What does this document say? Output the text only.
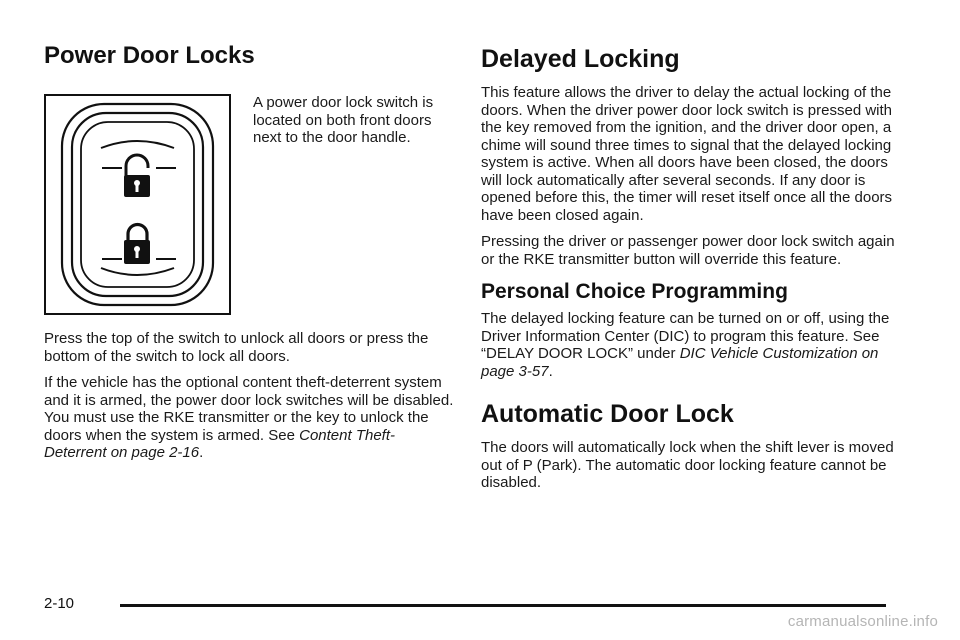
Power Door Locks

A power door lock switch is located on both front doors next to the door handle.

Press the top of the switch to unlock all doors or press the bottom of the switch to lock all doors.

If the vehicle has the optional content theft-deterrent system and it is armed, the power door lock switches will be disabled. You must use the RKE transmitter or the key to unlock the doors when the system is armed. See Content Theft-Deterrent on page 2-16.

Delayed Locking

This feature allows the driver to delay the actual locking of the doors. When the driver power door lock switch is pressed with the key removed from the ignition, and the driver door open, a chime will sound three times to signal that the delayed locking system is active. When all doors have been closed, the doors will lock automatically after several seconds. If any door is opened before this, the timer will reset itself once all the doors have been closed again.

Pressing the driver or passenger power door lock switch again or the RKE transmitter button will override this feature.

Personal Choice Programming

The delayed locking feature can be turned on or off, using the Driver Information Center (DIC) to program this feature. See “DELAY DOOR LOCK” under DIC Vehicle Customization on page 3-57.

Automatic Door Lock

The doors will automatically lock when the shift lever is moved out of P (Park). The automatic door locking feature cannot be disabled.

2-10
carmanualsonline.info
